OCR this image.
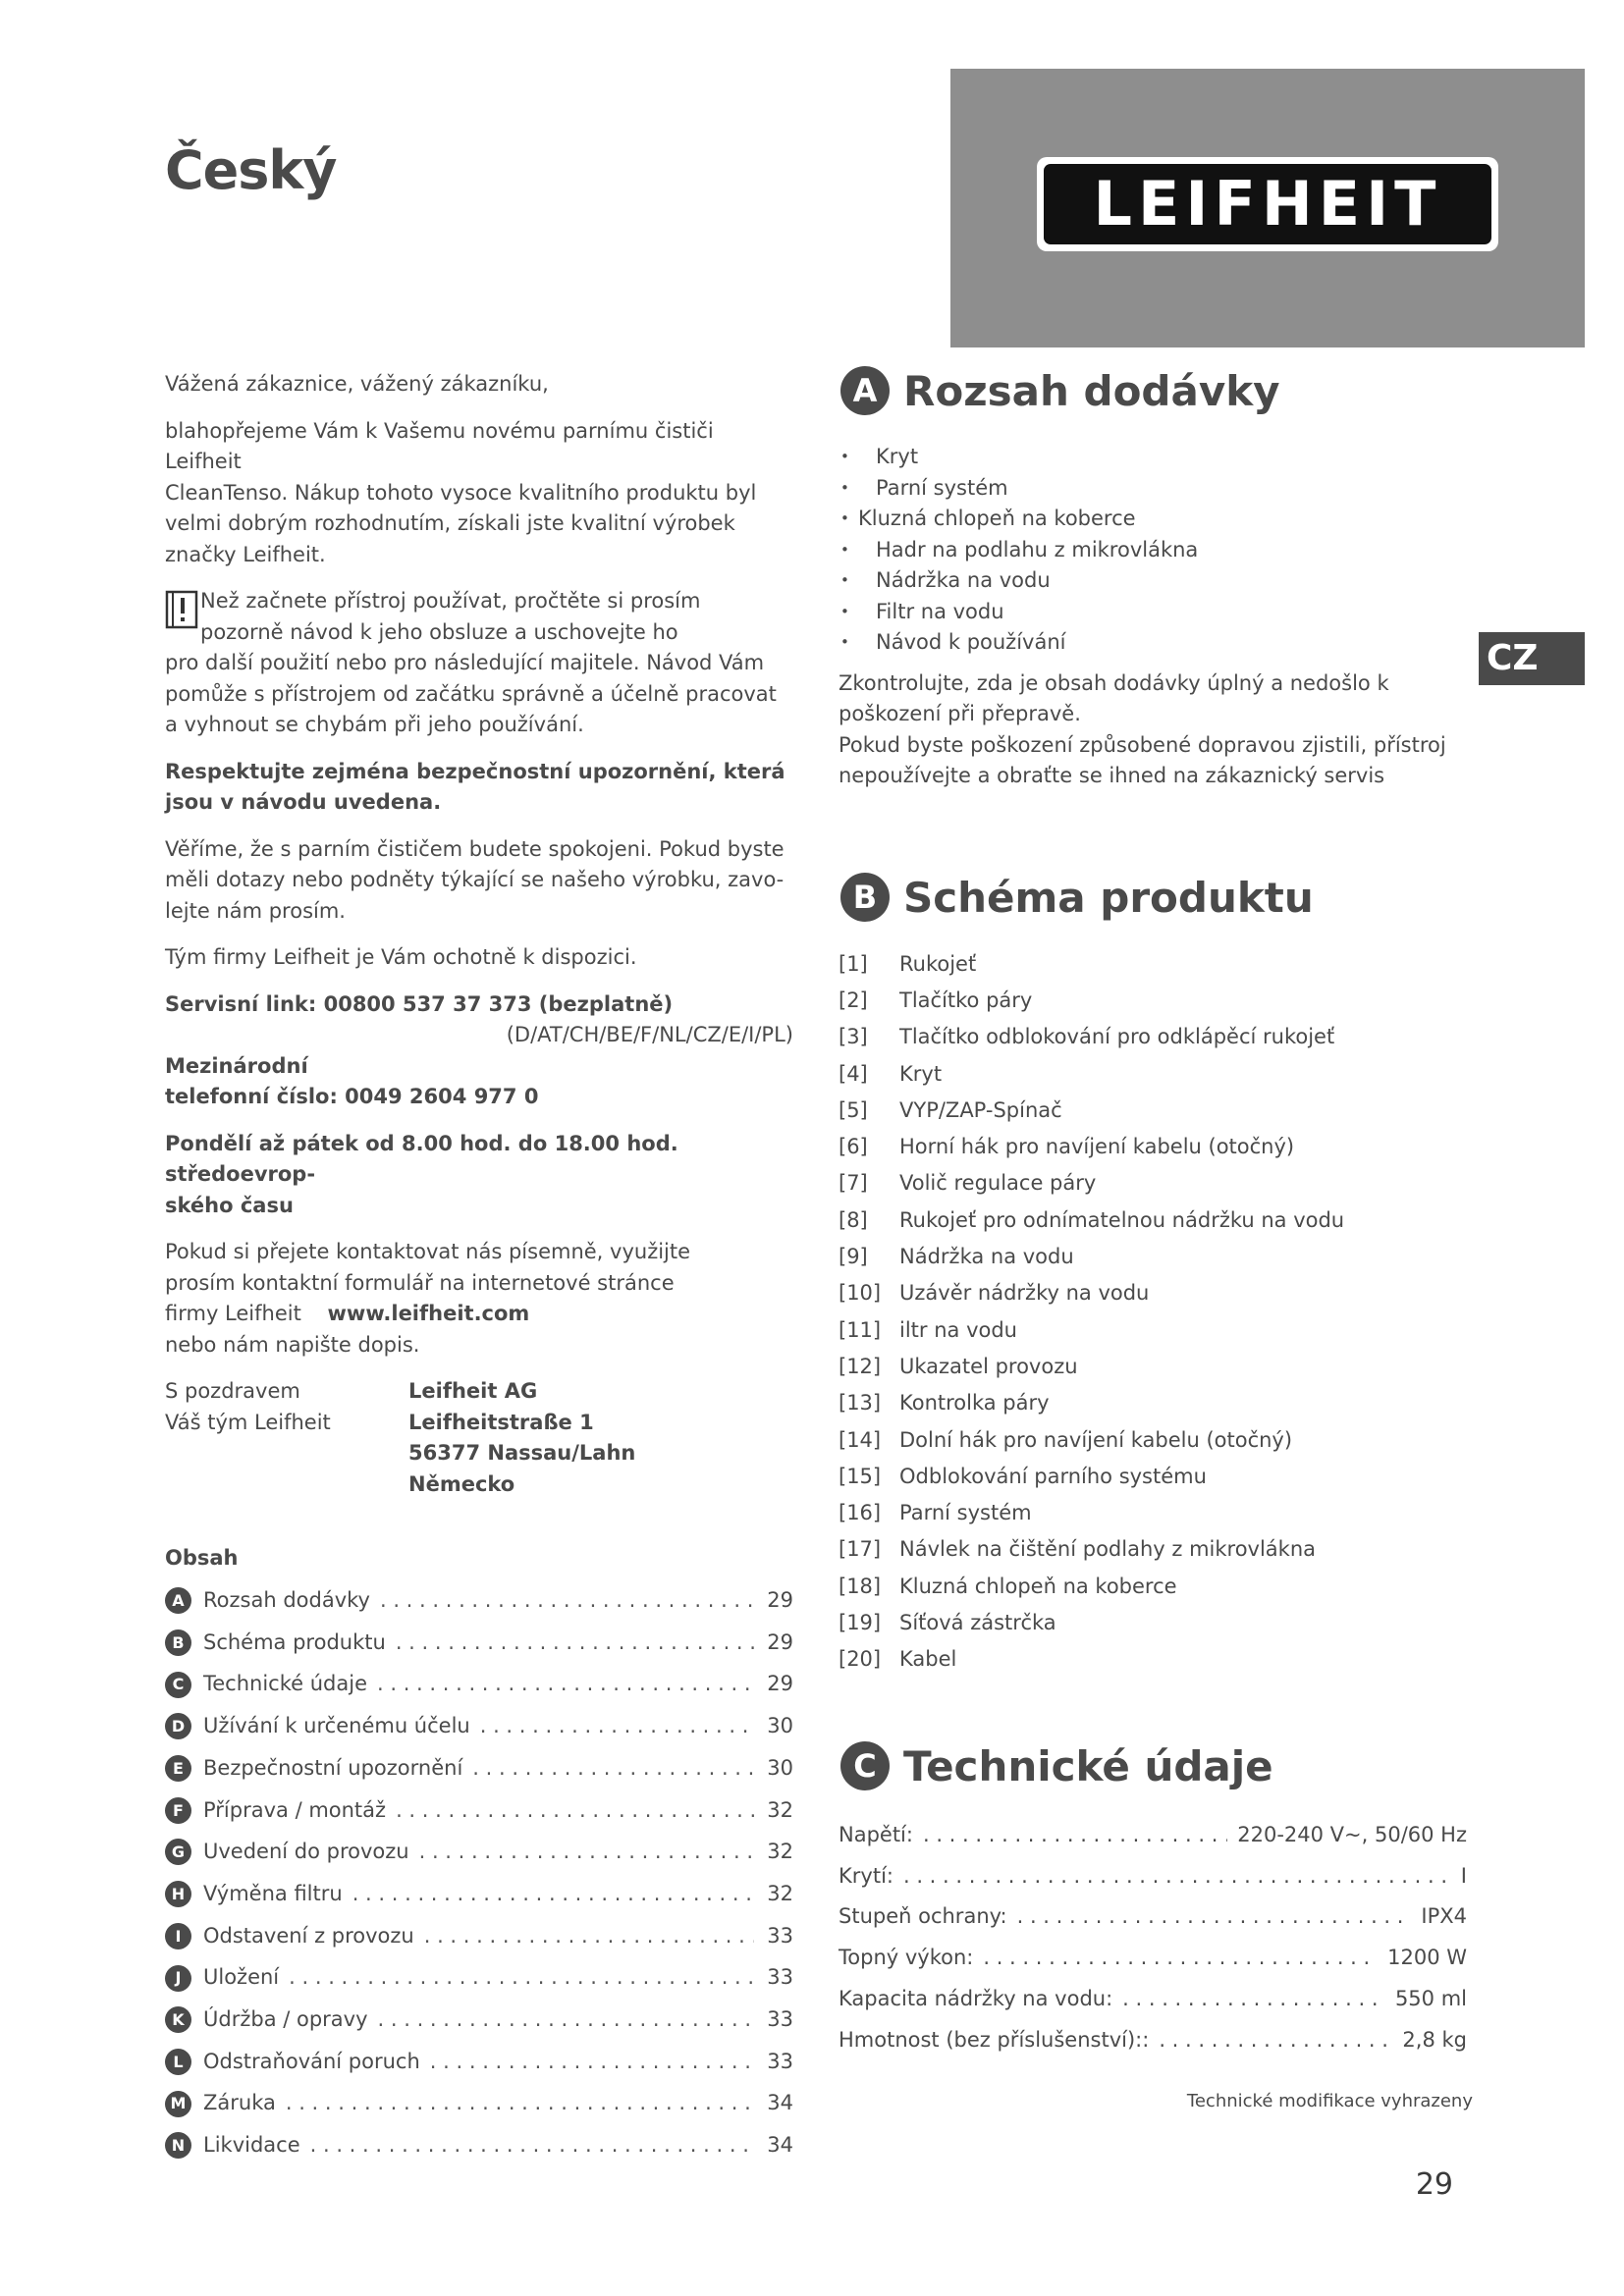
Český	LEIFHEIT
CZ

Vážená zákaznice, vážený zákazníku,

blahopřejeme Vám k Vašemu novému parnímu čističi Leifheit

CleanTenso. Nákup tohoto vysoce kvalitního produktu byl

velmi dobrým rozhodnutím, získali jste kvalitní výrobek

značky Leifheit.

Než začnete přístroj používat, pročtěte si prosím

pozorně návod k jeho obsluze a uschovejte ho

pro další použití nebo pro následující majitele. Návod Vám

pomůže s přístrojem od začátku správně a účelně pracovat

a vyhnout se chybám při jeho používání.

Respektujte zejména bezpečnostní upozornění, která

jsou v návodu uvedena.

Věříme, že s parním čističem budete spokojeni. Pokud byste

měli dotazy nebo podněty týkající se našeho výrobku, zavo-

lejte nám prosím.

Tým firmy Leifheit je Vám ochotně k dispozici.

Servisní link: 00800 537 37 373 (bezplatně)

(D/AT/CH/BE/F/NL/CZ/E/I/PL)

Mezinárodní

telefonní číslo: 0049 2604 977 0

Pondělí až pátek od 8.00 hod. do 18.00 hod. středoevrop-

ského času

Pokud si přejete kontaktovat nás písemně, využijte

prosím kontaktní formulář na internetové stránce

firmy Leifheit www.leifheit.com

nebo nám napište dopis.

S pozdravem

Váš tým Leifheit

Leifheit AG

Leifheitstraße 1

56377 Nassau/Lahn

Německo

Obsah

A Rozsah dodávky . . .	29
B Schéma produktu . . .	29
C Technické údaje . . .	29
D Užívání k určenému účelu . . .	30
E Bezpečnostní upozornění . . .	30
F Příprava / montáž . . .	32
G Uvedení do provozu . . .	32
H Výměna filtru . . .	32
I	Odstavení z provozu . . .	33
J	Uložení . . .	33
K Údržba / opravy . . .	33
L Odstraňování poruch . . .	33
M Záruka . . .	34
N Likvidace . . .	34
A Rozsah dodávky
• Kryt
• Parní systém
• Kluzná chlopeň na koberce
• Hadr na podlahu z mikrovlákna
• Nádržka na vodu
• Filtr na vodu
• Návod k používání

Zkontrolujte, zda je obsah dodávky úplný a nedošlo k

poškození při přepravě.

Pokud byste poškození způsobené dopravou zjistili, přístroj

nepoužívejte a obraťte se ihned na zákaznický servis

B Schéma produktu
[1]	Rukojeť
[2]	Tlačítko páry
[3]	Tlačítko odblokování pro odklápěcí rukojeť
[4]	Kryt
[5]	VYP/ZAP-Spínač
[6]	Horní hák pro navíjení kabelu (otočný)
[7]	Volič regulace páry
[8]	Rukojeť pro odnímatelnou nádržku na vodu
[9]	Nádržka na vodu
[10] Uzávěr nádržky na vodu
[11] iltr na vodu
[12] Ukazatel provozu
[13] Kontrolka páry
[14] Dolní hák pro navíjení kabelu (otočný)
[15] Odblokování parního systému
[16] Parní systém
[17] Návlek na čištění podlahy z mikrovlákna
[18] Kluzná chlopeň na koberce
[19] Síťová zástrčka
[20] Kabel
C Technické údaje
Napětí: . . .	220-240 V~, 50/60 Hz
Krytí: . . .	I
Stupeň ochrany: . . .	IPX4
Topný výkon: . . .	1200 W
Kapacita nádržky na vodu: . . .	550 ml
Hmotnost (bez příslušenství):: . . .	2,8 kg
Technické modifikace vyhrazeny
29
